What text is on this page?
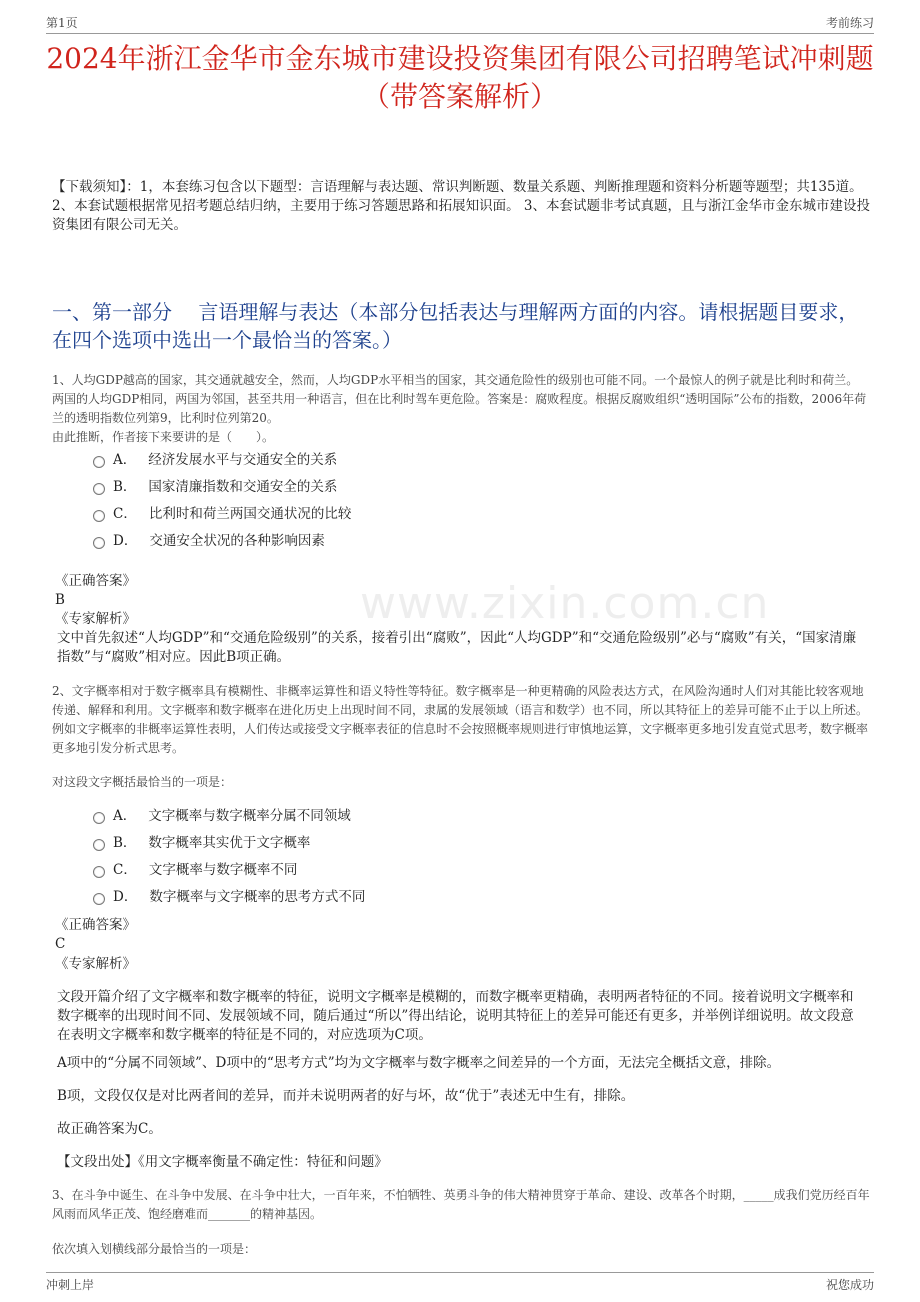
第1页	考前练习
2024年浙江金华市金东城市建设投资集团有限公司招聘笔试冲刺题（带答案解析）
【下载须知】：1，本套练习包含以下题型：言语理解与表达题、常识判断题、数量关系题、判断推理题和资料分析题等题型；共135道。 2、本套试题根据常见招考题总结归纳，主要用于练习答题思路和拓展知识面。 3、本套试题非考试真题，且与浙江金华市金东城市建设投资集团有限公司无关。
一、第一部分　 言语理解与表达（本部分包括表达与理解两方面的内容。请根据题目要求，在四个选项中选出一个最恰当的答案。）
www.zixin.com.cn
1、人均GDP越高的国家，其交通就越安全，然而，人均GDP水平相当的国家，其交通危险性的级别也可能不同。一个最惊人的例子就是比利时和荷兰。两国的人均GDP相同，两国为邻国，甚至共用一种语言，但在比利时驾车更危险。答案是：腐败程度。根据反腐败组织“透明国际”公布的指数，2006年荷兰的透明指数位列第9，比利时位列第20。
由此推断，作者接下来要讲的是（　　）。
A． 经济发展水平与交通安全的关系
B． 国家清廉指数和交通安全的关系
C． 比利时和荷兰两国交通状况的比较
D． 交通安全状况的各种影响因素
《正确答案》
B
《专家解析》
文中首先叙述“人均GDP”和“交通危险级别”的关系，接着引出“腐败”，因此“人均GDP”和“交通危险级别”必与“腐败”有关，“国家清廉指数”与“腐败”相对应。因此B项正确。
2、文字概率相对于数字概率具有模糊性、非概率运算性和语义特性等特征。数字概率是一种更精确的风险表达方式，在风险沟通时人们对其能比较客观地传递、解释和利用。文字概率和数字概率在进化历史上出现时间不同，隶属的发展领域（语言和数学）也不同，所以其特征上的差异可能不止于以上所述。例如文字概率的非概率运算性表明，人们传达或接受文字概率表征的信息时不会按照概率规则进行审慎地运算，文字概率更多地引发直觉式思考，数字概率更多地引发分析式思考。
对这段文字概括最恰当的一项是：
A． 文字概率与数字概率分属不同领域
B． 数字概率其实优于文字概率
C． 文字概率与数字概率不同
D． 数字概率与文字概率的思考方式不同
《正确答案》
C
《专家解析》
文段开篇介绍了文字概率和数字概率的特征，说明文字概率是模糊的，而数字概率更精确，表明两者特征的不同。接着说明文字概率和数字概率的出现时间不同、发展领域不同，随后通过“所以”得出结论，说明其特征上的差异可能还有更多，并举例详细说明。故文段意在表明文字概率和数字概率的特征是不同的，对应选项为C项。
A项中的“分属不同领域”、D项中的“思考方式”均为文字概率与数字概率之间差异的一个方面，无法完全概括文意，排除。
B项，文段仅仅是对比两者间的差异，而并未说明两者的好与坏，故“优于”表述无中生有，排除。
故正确答案为C。
【文段出处】《用文字概率衡量不确定性：特征和问题》
3、在斗争中诞生、在斗争中发展、在斗争中壮大，一百年来，不怕牺牲、英勇斗争的伟大精神贯穿于革命、建设、改革各个时期，_____成我们党历经百年风雨而风华正茂、饱经磨难而_______的精神基因。
依次填入划横线部分最恰当的一项是：
冲刺上岸	祝您成功
